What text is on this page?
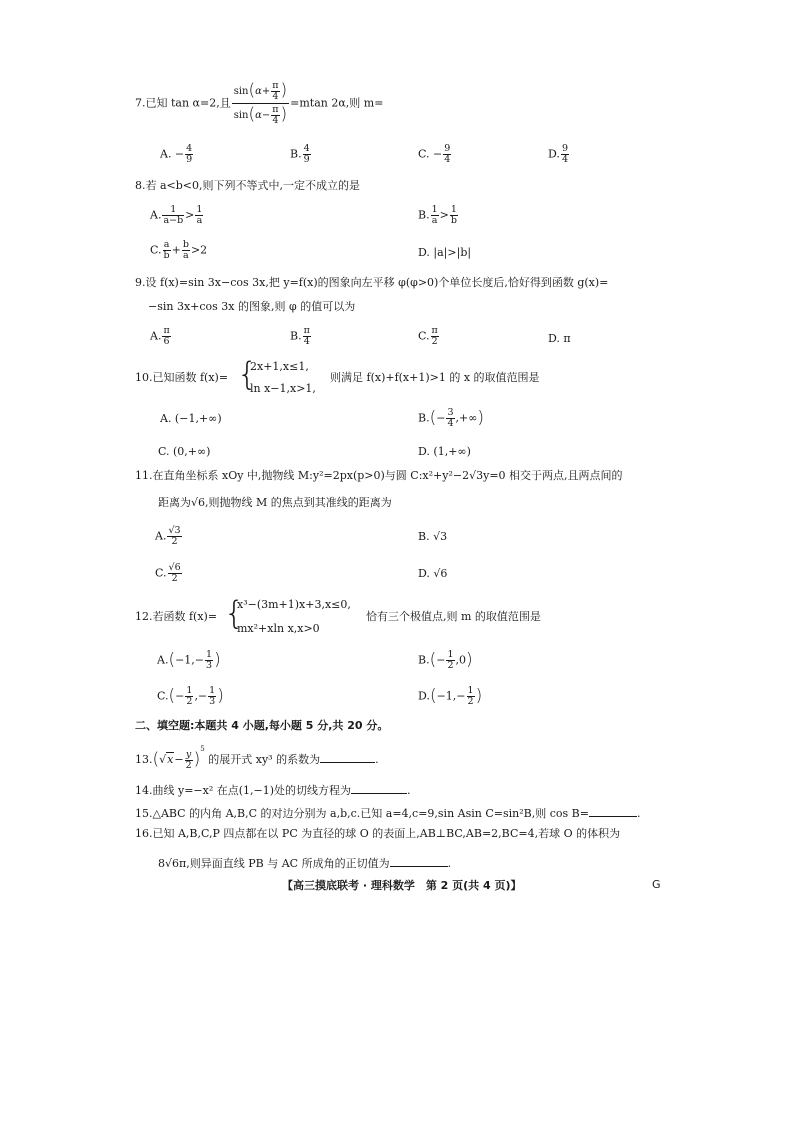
7.已知 tan α=2,且 $\frac{\sin(\alpha+ \frac{\pi}{4} )}{\sin(\alpha- \frac{\pi}{4} )} =mtan$ 2α,则 m=
A. − $\frac{4}{9}$	B. $\frac{4}{9}$	C. − $\frac{9}{4}$	D. $\frac{9}{4}$
8.若 a<b<0,则下列不等式中,一定不成立的是
A. $\frac{1}{a-b} > \frac{1}{a}$	B. $\frac{1}{a} > \frac{1}{b}$
C. $\frac{a}{b} + \frac{b}{a} >2$	D. |a|>|b|
9.设 f(x)=sin 3x−cos 3x,把 y=f(x)的图象向左平移 φ(φ>0)个单位长度后,恰好得到函数 g(x)=
−sin 3x+cos 3x 的图象,则 φ 的值可以为
A. $\frac{\pi}{6}$	B. $\frac{\pi}{4}$	C. $\frac{\pi}{2}$	D. π
10.已知函数 f(x)= {
2x+1,x≤1,
ln x−1,x>1,
则满足 f(x)+f(x+1)>1 的 x 的取值范围是
A. (−1,+∞)	$B.(- \frac{3}{4}$ ,+∞)
C. (0,+∞)	D. (1,+∞)
11.在直角坐标系 xOy 中,抛物线 M:y²=2px(p>0)与圆 C:x²+y²−2√3y=0 相交于两点,且两点间的
距离为√6,则抛物线 M 的焦点到其准线的距离为
A. $\frac{√3}{2}$	B. √3
C. $\frac{√6}{2}$	D. √6
12.若函数 f(x)= {
x³−(3m+1)x+3,x≤0,
mx²+xln x,x>0
恰有三个极值点,则 m 的取值范围是
$A.(-1,- \frac{1}{3}$ )	$B.(- \frac{1}{2} ,0)$
$C.(- \frac{1}{2}$ ,− $\frac{1}{3}$ )	$D.(-1,- \frac{1}{2}$ )
二、填空题:本题共 4 小题,每小题 5 分,共 20 分。
$13.(√x- \frac{y}{2} )^5$ 的展开式 xy³ 的系数为	.
14.曲线 y=−x² 在点(1,−1)处的切线方程为	.
15.△ABC 的内角 A,B,C 的对边分别为 a,b,c.已知 a=4,c=9,sin Asin C=sin²B,则 cos B=	.
16.已知 A,B,C,P 四点都在以 PC 为直径的球 O 的表面上,AB⊥BC,AB=2,BC=4,若球 O 的体积为
8√6π,则异面直线 PB 与 AC 所成角的正切值为	.
【高三摸底联考 · 理科数学　第 2 页(共 4 页)】	G
